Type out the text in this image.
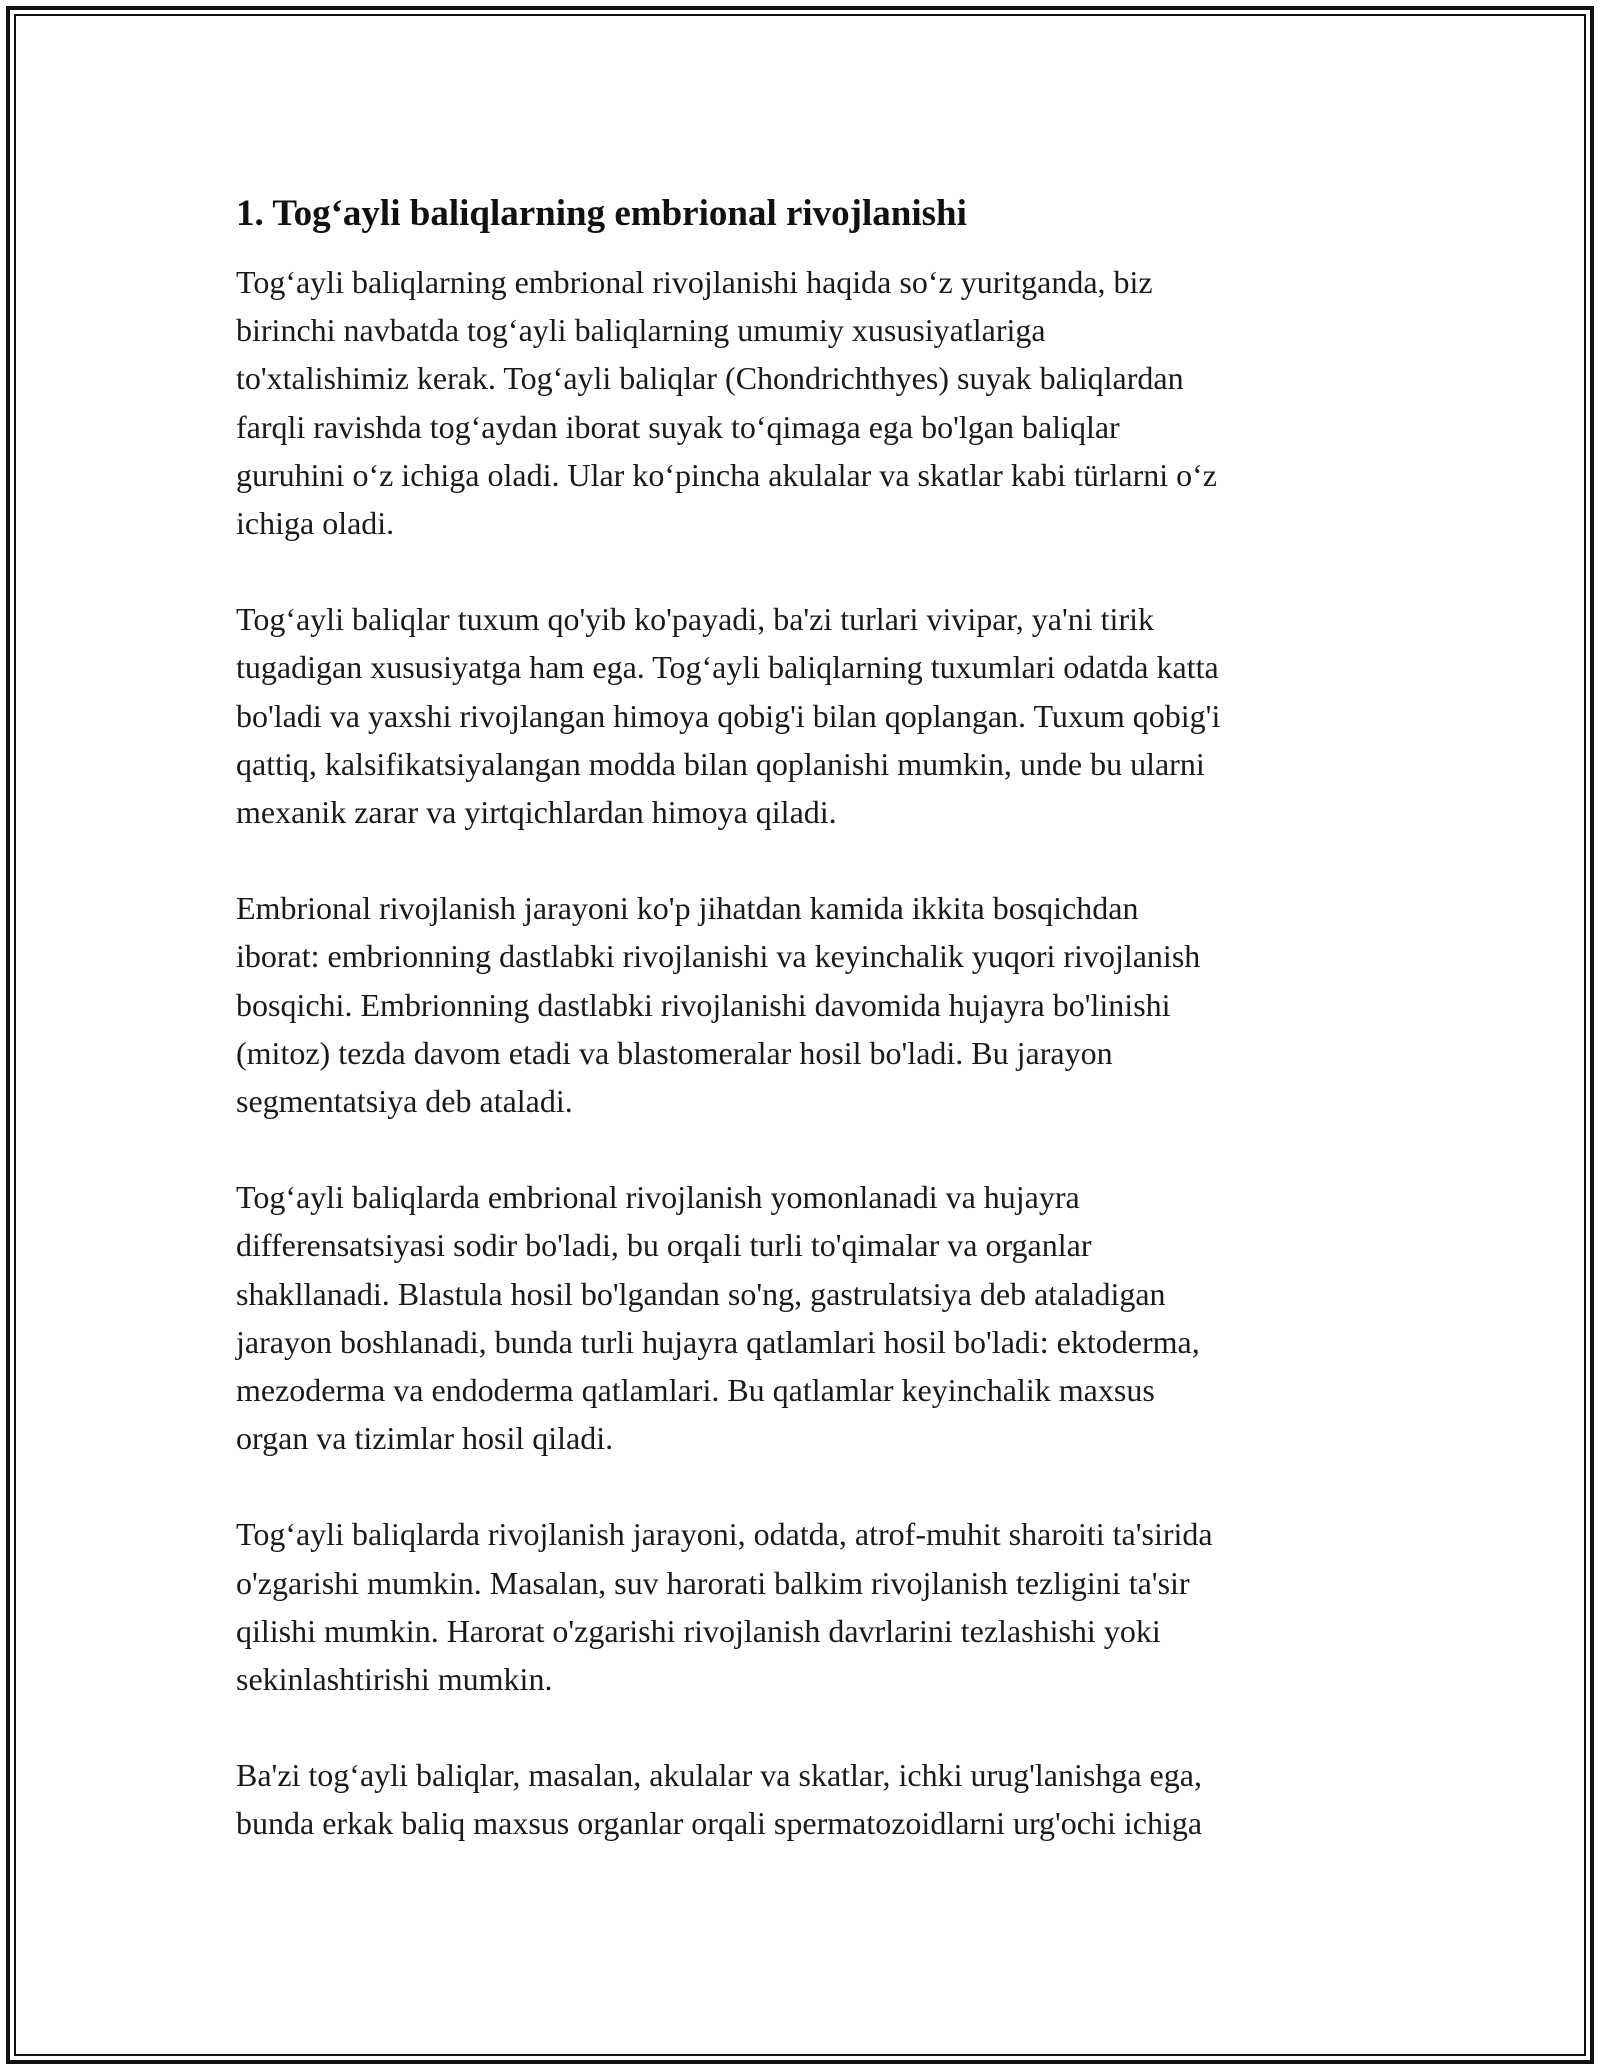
1. Tog‘ayli baliqlarning embrional rivojlanishi

Tog‘ayli baliqlarning embrional rivojlanishi haqida so‘z yuritganda, biz
birinchi navbatda tog‘ayli baliqlarning umumiy xususiyatlariga
to'xtalishimiz kerak. Tog‘ayli baliqlar (Chondrichthyes) suyak baliqlardan
farqli ravishda tog‘aydan iborat suyak to‘qimaga ega bo'lgan baliqlar
guruhini o‘z ichiga oladi. Ular ko‘pincha akulalar va skatlar kabi türlarni o‘z
ichiga oladi.

Tog‘ayli baliqlar tuxum qo'yib ko'payadi, ba'zi turlari vivipar, ya'ni tirik
tugadigan xususiyatga ham ega. Tog‘ayli baliqlarning tuxumlari odatda katta
bo'ladi va yaxshi rivojlangan himoya qobig'i bilan qoplangan. Tuxum qobig'i
qattiq, kalsifikatsiyalangan modda bilan qoplanishi mumkin, unde bu ularni
mexanik zarar va yirtqichlardan himoya qiladi.

Embrional rivojlanish jarayoni ko'p jihatdan kamida ikkita bosqichdan
iborat: embrionning dastlabki rivojlanishi va keyinchalik yuqori rivojlanish
bosqichi. Embrionning dastlabki rivojlanishi davomida hujayra bo'linishi
(mitoz) tezda davom etadi va blastomeralar hosil bo'ladi. Bu jarayon
segmentatsiya deb ataladi.

Tog‘ayli baliqlarda embrional rivojlanish yomonlanadi va hujayra
differensatsiyasi sodir bo'ladi, bu orqali turli to'qimalar va organlar
shakllanadi. Blastula hosil bo'lgandan so'ng, gastrulatsiya deb ataladigan
jarayon boshlanadi, bunda turli hujayra qatlamlari hosil bo'ladi: ektoderma,
mezoderma va endoderma qatlamlari. Bu qatlamlar keyinchalik maxsus
organ va tizimlar hosil qiladi.

Tog‘ayli baliqlarda rivojlanish jarayoni, odatda, atrof-muhit sharoiti ta'sirida
o'zgarishi mumkin. Masalan, suv harorati balkim rivojlanish tezligini ta'sir
qilishi mumkin. Harorat o'zgarishi rivojlanish davrlarini tezlashishi yoki
sekinlashtirishi mumkin.

Ba'zi tog‘ayli baliqlar, masalan, akulalar va skatlar, ichki urug'lanishga ega,
bunda erkak baliq maxsus organlar orqali spermatozoidlarni urg'ochi ichiga
